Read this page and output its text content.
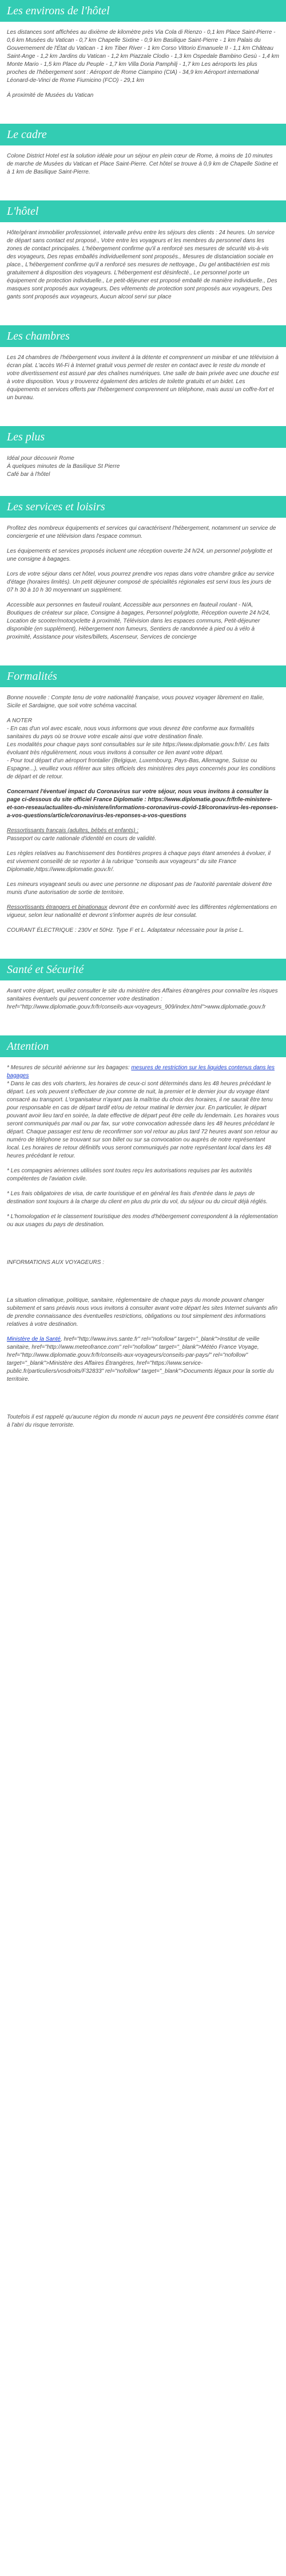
Les environs de l'hôtel

Les distances sont affichées au dixième de kilomètre près Via Cola di Rienzo - 0,1 km Place Saint-Pierre - 0,6 km Musées du Vatican - 0,7 km Chapelle Sixtine - 0,9 km Basilique Saint-Pierre - 1 km Palais du Gouvernement de l'État du Vatican - 1 km Tiber River - 1 km Corso Vittorio Emanuele II - 1,1 km Château Saint-Ange - 1,2 km Jardins du Vatican - 1,2 km Piazzale Clodio - 1,3 km Ospedale Bambino Gesù - 1,4 km Monte Mario - 1,5 km Place du Peuple - 1,7 km Villa Doria Pamphilj - 1,7 km Les aéroports les plus proches de l'hébergement sont : Aéroport de Rome Ciampino (CIA) - 34,9 km Aéroport international Léonard-de-Vinci de Rome Fiumicino (FCO) - 29,1 km

À proximité de Musées du Vatican

Le cadre

Colone District Hotel est la solution idéale pour un séjour en plein cœur de Rome, à moins de 10 minutes de marche de Musées du Vatican et Place Saint-Pierre. Cet hôtel se trouve à 0,9 km de Chapelle Sixtine et à 1 km de Basilique Saint-Pierre.

L'hôtel

Hôte/gérant immobilier professionnel, intervalle prévu entre les séjours des clients : 24 heures. Un service de départ sans contact est proposé., Votre entre les voyageurs et les membres du personnel dans les zones de contact principales. L'hébergement confirme qu'il a renforcé ses mesures de sécurité vis-à-vis des voyageurs, Des repas emballés individuellement sont proposés., Mesures de distanciation sociale en place., L'hébergement confirme qu'il a renforcé ses mesures de nettoyage., Du gel antibactérien est mis gratuitement à disposition des voyageurs. L'hébergement est désinfecté., Le personnel porte un équipement de protection individuelle., Le petit-déjeuner est proposé emballé de manière individuelle., Des masques sont proposés aux voyageurs, Des vêtements de protection sont proposés aux voyageurs, Des gants sont proposés aux voyageurs, Aucun alcool servi sur place

Les chambres

Les 24 chambres de l'hébergement vous invitent à la détente et comprennent un minibar et une télévision à écran plat. L'accès Wi-Fi à Internet gratuit vous permet de rester en contact avec le reste du monde et votre divertissement est assuré par des chaînes numériques. Une salle de bain privée avec une douche est à votre disposition. Vous y trouverez également des articles de toilette gratuits et un bidet. Les équipements et services offerts par l'hébergement comprennent un téléphone, mais aussi un coffre-fort et un bureau.

Les plus

Idéal pour découvrir Rome

À quelques minutes de la Basilique St Pierre

Café bar à l'hôtel

Les services et loisirs

Profitez des nombreux équipements et services qui caractérisent l'hébergement, notamment un service de conciergerie et une télévision dans l'espace commun.

Les équipements et services proposés incluent une réception ouverte 24 h/24, un personnel polyglotte et une consigne à bagages.

Lors de votre séjour dans cet hôtel, vous pourrez prendre vos repas dans votre chambre grâce au service d'étage (horaires limités). Un petit déjeuner composé de spécialités régionales est servi tous les jours de 07 h 30 à 10 h 30 moyennant un supplément.

Accessible aux personnes en fauteuil roulant, Accessible aux personnes en fauteuil roulant - N/A, Boutiques de créateur sur place, Consigne à bagages, Personnel polyglotte, Réception ouverte 24 h/24, Location de scooter/motocyclette à proximité, Télévision dans les espaces communs, Petit-déjeuner disponible (en supplément), Hébergement non fumeurs, Sentiers de randonnée à pied ou à vélo à proximité, Assistance pour visites/billets, Ascenseur, Services de concierge

Formalités

Bonne nouvelle : Compte tenu de votre nationalité française, vous pouvez voyager librement en Italie, Sicile et Sardaigne, que soit votre schéma vaccinal.

A NOTER
- En cas d'un vol avec escale, nous vous informons que vous devrez être conforme aux formalités sanitaires du pays où se trouve votre escale ainsi que votre destination finale.
Les modalités pour chaque pays sont consultables sur le site https://www.diplomatie.gouv.fr/fr/. Les faits évoluant très régulièrement, nous vous invitons à consulter ce lien avant votre départ.
- Pour tout départ d'un aéroport frontalier (Belgique, Luxembourg, Pays-Bas, Allemagne, Suisse ou Espagne...), veuillez vous référer aux sites officiels des ministères des pays concernés pour les conditions de départ et de retour.

Concernant l'éventuel impact du Coronavirus sur votre séjour, nous vous invitons à consulter la page ci-dessous du site officiel France Diplomatie : https://www.diplomatie.gouv.fr/fr/le-ministere-et-son-reseau/actualites-du-ministere/informations-coronavirus-covid-19/coronavirus-les-reponses-a-vos-questions/article/coronavirus-les-reponses-a-vos-questions

Ressortissants français (adultes, bébés et enfants) :
Passeport ou carte nationale d'identité en cours de validité.

Les règles relatives au franchissement des frontières propres à chaque pays étant amenées à évoluer, il est vivement conseillé de se reporter à la rubrique "conseils aux voyageurs" du site France Diplomatie,https://www.diplomatie.gouv.fr/.

Les mineurs voyageant seuls ou avec une personne ne disposant pas de l'autorité parentale doivent être munis d'une autorisation de sortie de territoire.

Ressortissants étrangers et binationaux devront être en conformité avec les différentes réglementations en vigueur, selon leur nationalité et devront s'informer auprès de leur consulat.

COURANT ÉLECTRIQUE : 230V et 50Hz. Type F et L. Adaptateur nécessaire pour la prise L.

Santé et Sécurité

Avant votre départ, veuillez consulter le site du ministère des Affaires étrangères pour connaître les risques sanitaires éventuels qui peuvent concerner votre destination : href="http://www.diplomatie.gouv.fr/fr/conseils-aux-voyageurs_909/index.html">www.diplomatie.gouv.fr

Attention

* Mesures de sécurité aérienne sur les bagages: mesures de restriction sur les liquides contenus dans les bagages
* Dans le cas des vols charters, les horaires de ceux-ci sont déterminés dans les 48 heures précédant le départ. Les vols peuvent s'effectuer de jour comme de nuit, la premier et le dernier jour du voyage étant consacré au transport. L'organisateur n'ayant pas la maîtrise du choix des horaires, il ne saurait être tenu pour responsable en cas de départ tardif et/ou de retour matinal le dernier jour. En particulier, le départ pouvant avoir lieu tard en soirée, la date effective de départ peut être celle du lendemain. Les horaires vous seront communiqués par mail ou par fax, sur votre convocation adressée dans les 48 heures précédant le départ. Chaque passager est tenu de reconfirmer son vol retour au plus tard 72 heures avant son retour au numéro de téléphone se trouvant sur son billet ou sur sa convocation ou auprès de notre représentant local. Les horaires de retour définitifs vous seront communiqués par notre représentant local dans les 48 heures précédant le retour.

* Les compagnies aériennes utilisées sont toutes reçu les autorisations requises par les autorités compétentes de l'aviation civile.

* Les frais obligatoires de visa, de carte touristique et en général les frais d'entrée dans le pays de destination sont toujours à la charge du client en plus du prix du vol, du séjour ou du circuit déjà réglés.

* L'homologation et le classement touristique des modes d'hébergement correspondent à la réglementation ou aux usages du pays de destination.

INFORMATIONS AUX VOYAGEURS :

La situation climatique, politique, sanitaire, réglementaire de chaque pays du monde pouvant changer subitement et sans préavis nous vous invitons à consulter avant votre départ les sites Internet suivants afin de prendre connaissance des éventuelles restrictions, obligations ou tout simplement des informations relatives à votre destination.

Ministère de la Santé, href="http://www.invs.sante.fr" rel="nofollow" target="_blank">Institut de veille sanitaire, href="http://www.meteofrance.com" rel="nofollow" target="_blank">Météo France Voyage, href="http://www.diplomatie.gouv.fr/fr/conseils-aux-voyageurs/conseils-par-pays/" rel="nofollow" target="_blank">Ministère des Affaires Étrangères, href="https://www.service-public.fr/particuliers/vosdroits/F32833" rel="nofollow" target="_blank">Documents légaux pour la sortie du territoire.

Toutefois il est rappelé qu'aucune région du monde ni aucun pays ne peuvent être considérés comme étant à l'abri du risque terroriste.
